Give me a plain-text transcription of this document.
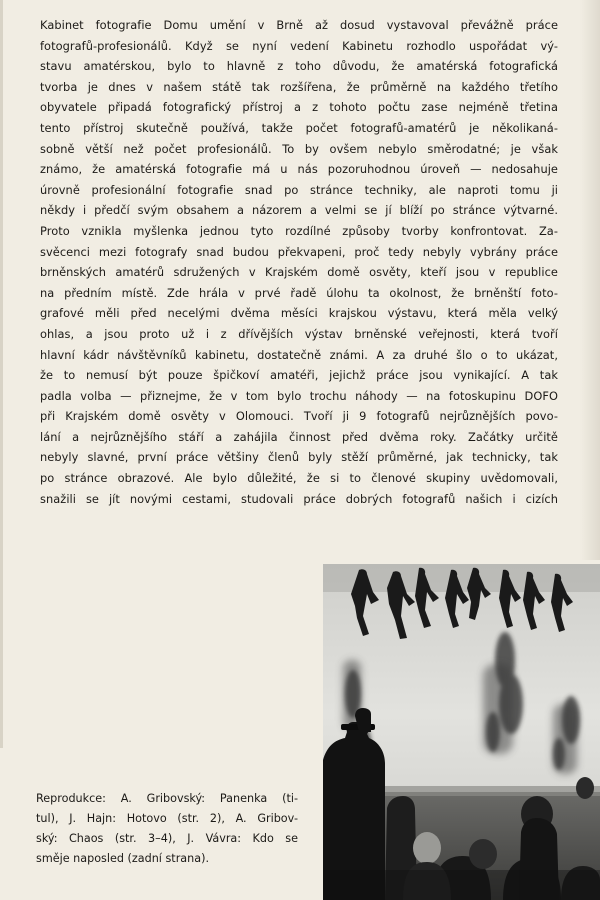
Kabinet fotografie Domu umění v Brně až dosud vystavoval převážně práce
fotografů-profesionálů. Když se nyní vedení Kabinetu rozhodlo uspořádat vý-
stavu amatérskou, bylo to hlavně z toho důvodu, že amatérská fotografická
tvorba je dnes v našem státě tak rozšířena, že průměrně na každého třetího
obyvatele připadá fotografický přístroj a z tohoto počtu zase nejméně třetina
tento přístroj skutečně používá, takže počet fotografů-amatérů je několikaná-
sobně větší než počet profesionálů. To by ovšem nebylo směrodatné; je však
známo, že amatérská fotografie má u nás pozoruhodnou úroveň — nedosahuje
úrovně profesionální fotografie snad po stránce techniky, ale naproti tomu ji
někdy i předčí svým obsahem a názorem a velmi se jí blíží po stránce výtvarné.
Proto vznikla myšlenka jednou tyto rozdílné způsoby tvorby konfrontovat. Za-
svěcenci mezi fotografy snad budou překvapeni, proč tedy nebyly vybrány práce
brněnských amatérů sdružených v Krajském domě osvěty, kteří jsou v republice
na předním místě. Zde hrála v prvé řadě úlohu ta okolnost, že brněnští foto-
grafové měli před necelými dvěma měsíci krajskou výstavu, která měla velký
ohlas, a jsou proto už i z dřívějších výstav brněnské veřejnosti, která tvoří
hlavní kádr návštěvníků kabinetu, dostatečně známi. A za druhé šlo o to ukázat,
že to nemusí být pouze špičkoví amatéři, jejichž práce jsou vynikající. A tak
padla volba — přiznejme, že v tom bylo trochu náhody — na fotoskupinu DOFO
při Krajském domě osvěty v Olomouci. Tvoří ji 9 fotografů nejrůznějších povo-
lání a nejrůznějšího stáří a zahájila činnost před dvěma roky. Začátky určitě
nebyly slavné, první práce většiny členů byly stěží průměrné, jak technicky, tak
po stránce obrazové. Ale bylo důležité, že si to členové skupiny uvědomovali,
snažili se jít novými cestami, studovali práce dobrých fotografů našich i cizích
Reprodukce: A. Gribovský: Panenka (ti-
tul), J. Hajn: Hotovo (str. 2), A. Gribov-
ský: Chaos (str. 3–4), J. Vávra: Kdo se
směje naposled (zadní strana).
